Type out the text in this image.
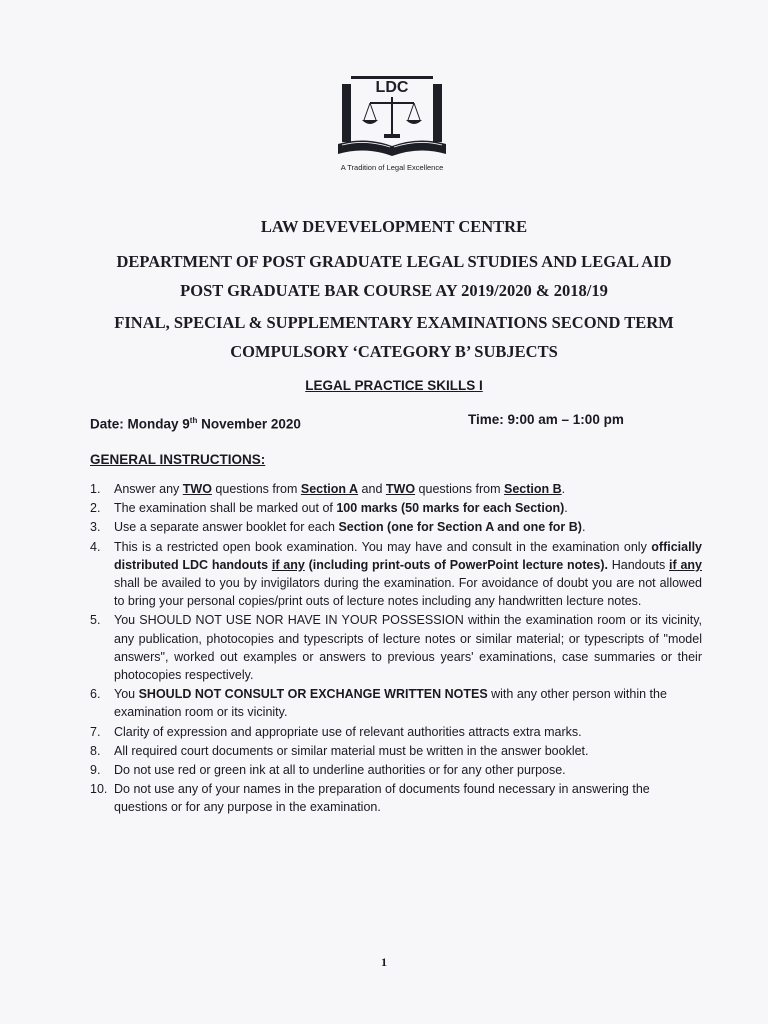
LDC
A Tradition of Legal Excellence
LAW DEVEVELOPMENT CENTRE
DEPARTMENT OF POST GRADUATE LEGAL STUDIES AND LEGAL AID
POST GRADUATE BAR COURSE AY 2019/2020 & 2018/19
FINAL, SPECIAL & SUPPLEMENTARY EXAMINATIONS SECOND TERM
COMPULSORY ‘CATEGORY B’ SUBJECTS
LEGAL PRACTICE SKILLS I
Date: Monday 9th November 2020	Time: 9:00 am – 1:00 pm
GENERAL INSTRUCTIONS:
1. Answer any TWO questions from Section A and TWO questions from Section B.
2. The examination shall be marked out of 100 marks (50 marks for each Section).
3. Use a separate answer booklet for each Section (one for Section A and one for B).
4. This is a restricted open book examination. You may have and consult in the examination only officially distributed LDC handouts if any (including print-outs of PowerPoint lecture notes). Handouts if any shall be availed to you by invigilators during the examination. For avoidance of doubt you are not allowed to bring your personal copies/print outs of lecture notes including any handwritten lecture notes.
5. You SHOULD NOT USE NOR HAVE IN YOUR POSSESSION within the examination room or its vicinity, any publication, photocopies and typescripts of lecture notes or similar material; or typescripts of "model answers", worked out examples or answers to previous years' examinations, case summaries or their photocopies respectively.
6. You SHOULD NOT CONSULT OR EXCHANGE WRITTEN NOTES with any other person within the examination room or its vicinity.
7. Clarity of expression and appropriate use of relevant authorities attracts extra marks.
8. All required court documents or similar material must be written in the answer booklet.
9. Do not use red or green ink at all to underline authorities or for any other purpose.
10. Do not use any of your names in the preparation of documents found necessary in answering the questions or for any purpose in the examination.
1
